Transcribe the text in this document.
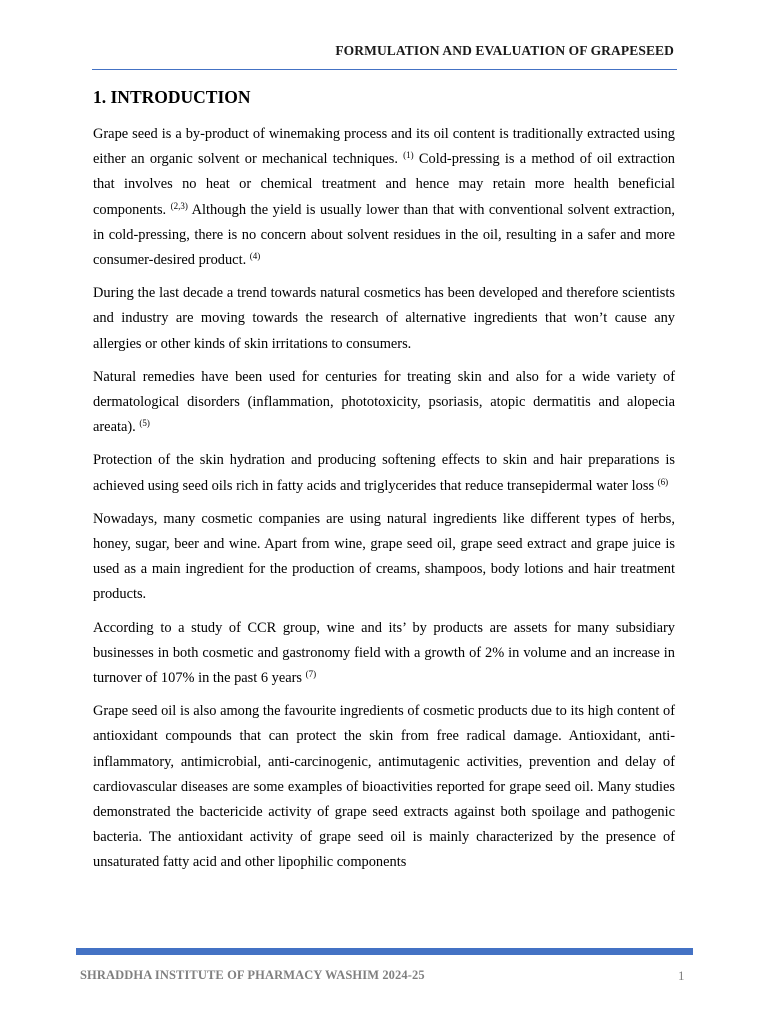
FORMULATION AND EVALUATION OF GRAPESEED
1. INTRODUCTION

Grape seed is a by-product of winemaking process and its oil content is traditionally extracted using either an organic solvent or mechanical techniques. $^{(1)}$ Cold-pressing is a method of oil extraction that involves no heat or chemical treatment and hence may retain more health beneficial components. $^{(2,3)}$ Although the yield is usually lower than that with conventional solvent extraction, in cold-pressing, there is no concern about solvent residues in the oil, resulting in a safer and more consumer-desired product. $^{(4)}$

During the last decade a trend towards natural cosmetics has been developed and therefore scientists and industry are moving towards the research of alternative ingredients that won’t cause any allergies or other kinds of skin irritations to consumers.

Natural remedies have been used for centuries for treating skin and also for a wide variety of dermatological disorders (inflammation, phototoxicity, psoriasis, atopic dermatitis and alopecia areata). $^{(5)}$

Protection of the skin hydration and producing softening effects to skin and hair preparations is achieved using seed oils rich in fatty acids and triglycerides that reduce transepidermal water loss $^{(6)}$

Nowadays, many cosmetic companies are using natural ingredients like different types of herbs, honey, sugar, beer and wine. Apart from wine, grape seed oil, grape seed extract and grape juice is used as a main ingredient for the production of creams, shampoos, body lotions and hair treatment products.

According to a study of CCR group, wine and its’ by products are assets for many subsidiary businesses in both cosmetic and gastronomy field with a growth of 2% in volume and an increase in turnover of 107% in the past 6 years $^{(7)}$

Grape seed oil is also among the favourite ingredients of cosmetic products due to its high content of antioxidant compounds that can protect the skin from free radical damage. Antioxidant, anti-inflammatory, antimicrobial, anti-carcinogenic, antimutagenic activities, prevention and delay of cardiovascular diseases are some examples of bioactivities reported for grape seed oil. Many studies demonstrated the bactericide activity of grape seed extracts against both spoilage and pathogenic bacteria. The antioxidant activity of grape seed oil is mainly characterized by the presence of unsaturated fatty acid and other lipophilic components

SHRADDHA INSTITUTE OF PHARMACY WASHIM 2024-25	1
